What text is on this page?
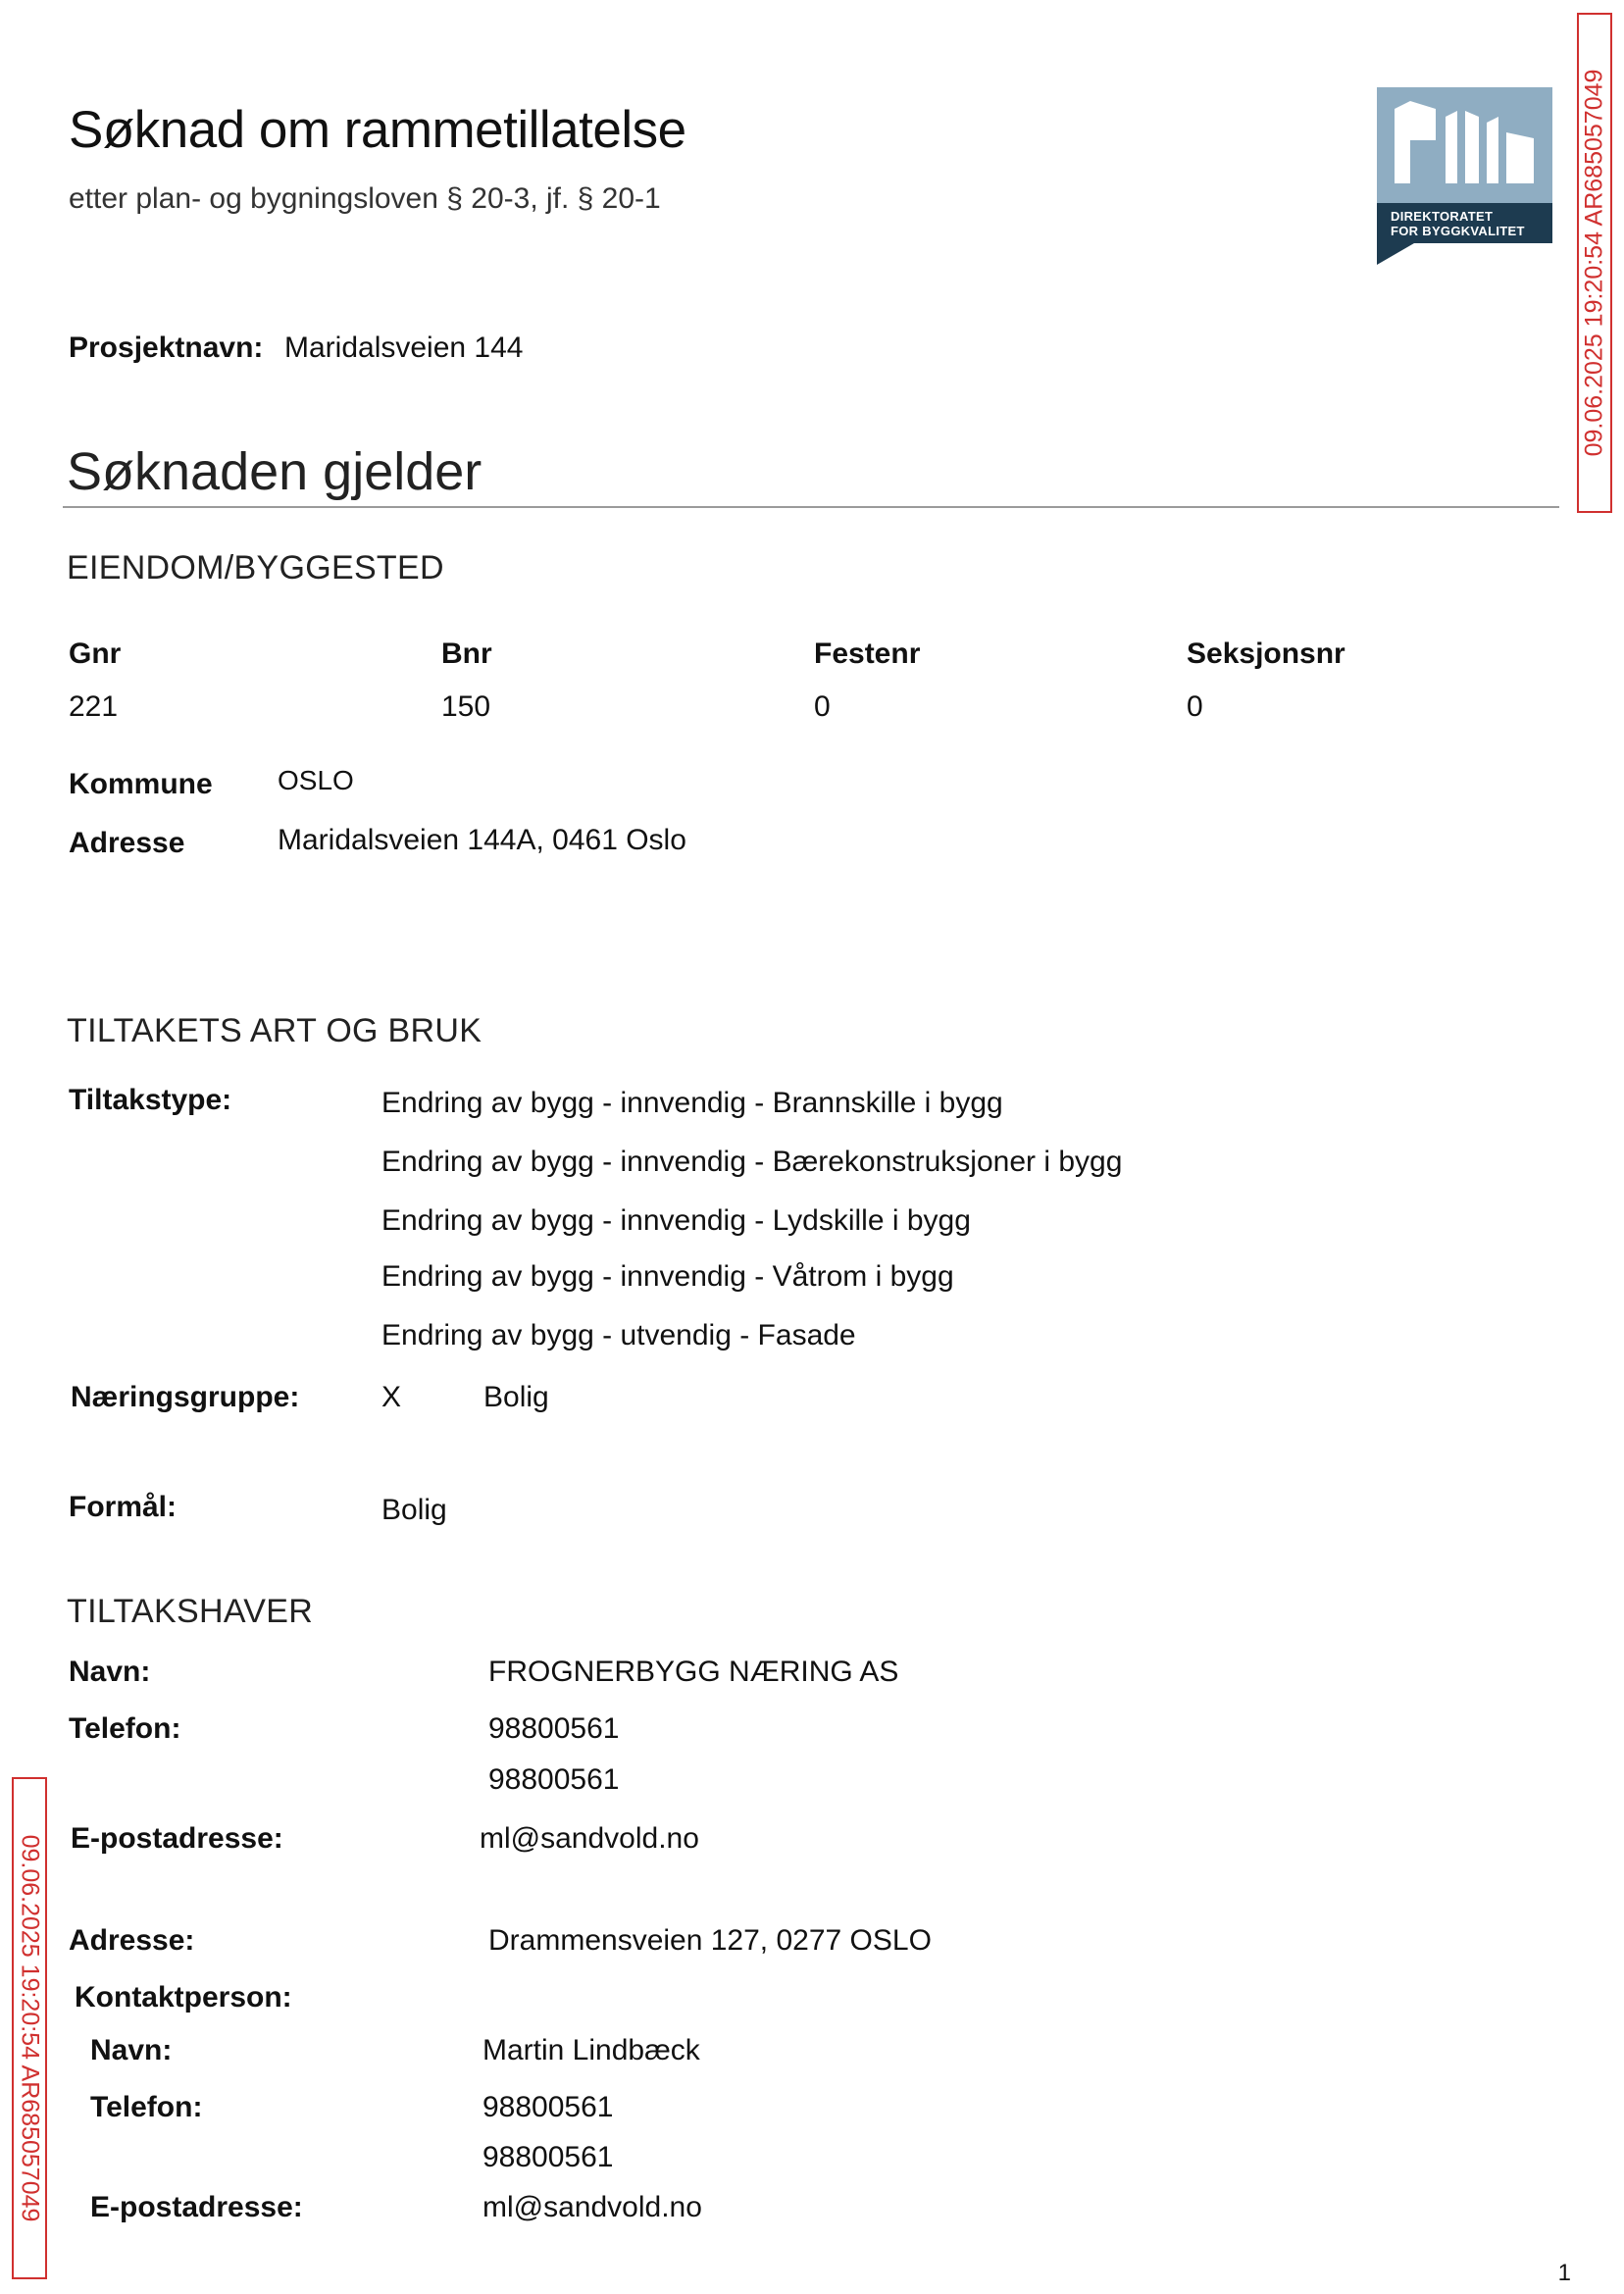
Søknad om rammetillatelse
etter plan- og bygningsloven § 20-3, jf. § 20-1
DIREKTORATET
FOR BYGGKVALITET 09.06.2025 19:20:54 AR685057049
09.06.2025 19:20:54 AR685057049
Prosjektnavn: Maridalsveien 144
Søknaden gjelder
EIENDOM/BYGGESTED
Gnr	Bnr	Festenr	Seksjonsnr
221	150	0	0
Kommune OSLO
Adresse	Maridalsveien 144A, 0461 Oslo
TILTAKETS ART OG BRUK
Tiltakstype:	Endring av bygg - innvendig - Brannskille i bygg
Endring av bygg - innvendig - Bærekonstruksjoner i bygg
Endring av bygg - innvendig - Lydskille i bygg
Endring av bygg - innvendig - Våtrom i bygg
Endring av bygg - utvendig - Fasade
Næringsgruppe:	X	Bolig
Formål:	Bolig
TILTAKSHAVER
Navn:	FROGNERBYGG NÆRING AS
Telefon:	98800561
98800561
E-postadresse:	ml@sandvold.no
Adresse:	Drammensveien 127, 0277 OSLO
Kontaktperson:
Navn:	Martin Lindbæck
Telefon:	98800561
98800561
E-postadresse:	ml@sandvold.no
1
